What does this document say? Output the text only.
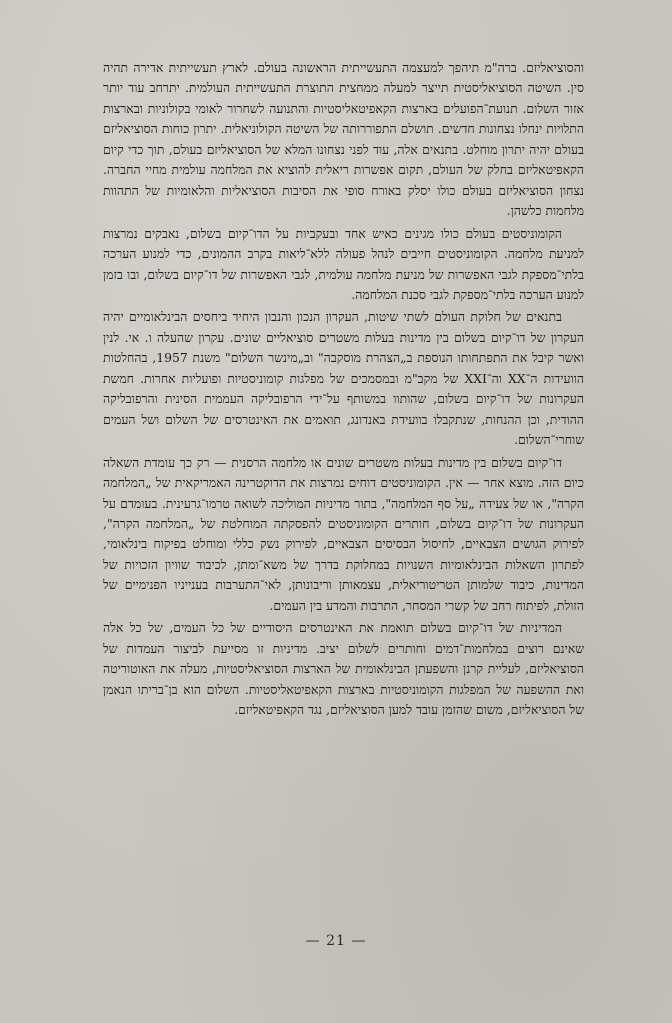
והסוציאליזם. ברה"מ תיהפך למעצמה התעשייתית הראשונה בעולם. לארץ תעשייתית אדירה תהיה סין. השיטה הסוציאליסטית תייצר למעלה ממחצית התוצרת התעשייתית העולמית. יתרחב עוד יותר אזור השלום. תנועת־הפועלים בארצות הקאפיטאליסטיות והתנועה לשחרור לאומי בקולוניות ובארצות התלויות ינחלו נצחונות חדשים. תושלם התפוררותה של השיטה הקולוניאלית. יתרון כוחות הסוציאליזם בעולם יהיה יתרון מוחלט. בתנאים אלה, עוד לפני נצחונו המלא של הסוציאליזם בעולם, תוך כדי קיום הקאפיטאליזם בחלק של העולם, תקום אפשרות ריאלית להוציא את המלחמה עולמית מחיי החברה. נצחון הסוציאליזם בעולם כולו יסלק באורח סופי את הסיבות הסוציאליות והלאומיות של התהוות מלחמות כלשהן.

הקומוניסטים בעולם כולו מגינים כאיש אחד ובעקביות על הדו־קיום בשלום, נאבקים נמרצות למניעת מלחמה. הקומוניסטים חייבים לנהל פעולה ללא־ליאות בקרב ההמונים, כדי למנוע הערכה בלתי־מספקת לגבי האפשרות של מניעת מלחמה עולמית, לגבי האפשרות של דו־קיום בשלום, ובו בזמן למנוע הערכה בלתי־מספקת לגבי סכנת המלחמה.

בתנאים של חלוקת העולם לשתי שיטות, העקרון הנכון והנבון היחיד ביחסים הבינלאומיים יהיה העקרון של דו־קיום בשלום בין מדינות בעלות משטרים סוציאליים שונים. עקרון שהעלה ו. אי. לנין ואשר קיבל את התפתחותו הנוספת ב„הצהרת מוסקבה" וב„מינשר השלום" משנת 1957, בהחלטות הוועידות ה־XX וה־XXI של מקב"מ ובמסמכים של מפלגות קומוניסטיות ופועליות אחרות. חמשת העקרונות של דו־קיום בשלום, שהותוו במשותף על־ידי הרפובליקה העממית הסינית והרפובליקה ההודית, וכן ההנחות, שנתקבלו בוועידת באנדונג, תואמים את האינטרסים של השלום ושל העמים שוחרי־השלום.

דו־קיום בשלום בין מדינות בעלות משטרים שונים או מלחמה הרסנית — רק כך עומדת השאלה כיום הזה. מוצא אחר — אין. הקומוניסטים דוחים נמרצות את הדוקטרינה האמריקאית של „המלחמה הקרה", או של צעידה „על סף המלחמה", בתור מדיניות המוליכה לשואה טרמו־גרעינית. בעומדם על העקרונות של דו־קיום בשלום, חותרים הקומוניסטים להפסקתה המוחלטת של „המלחמה הקרה", לפירוק הגושים הצבאיים, לחיסול הבסיסים הצבאיים, לפירוק נשק כללי ומוחלט בפיקוח בינלאומי, לפתרון השאלות הבינלאומיות השנויות במחלוקת בדרך של משא־ומתן, לכיבוד שוויון הזכויות של המדינות, כיבוד שלמותן הטריטוריאלית, עצמאותן וריבונותן, לאי־התערבות בענייניו הפנימיים של הזולת, לפיתוח רחב של קשרי המסחר, התרבות והמדע בין העמים.

המדיניות של דו־קיום בשלום תואמת את האינטרסים היסודיים של כל העמים, של כל אלה שאינם רוצים במלחמות־דמים וחותרים לשלום יציב. מדיניות זו מסייעת לביצור העמדות של הסוציאליזם, לעליית קרנן והשפעתן הבינלאומית של הארצות הסוציאליסטיות, מעלה את האוטוריטה ואת ההשפעה של המפלגות הקומוניסטיות בארצות הקאפיטאליסטיות. השלום הוא בן־בריתו הנאמן של הסוציאליזם, משום שהזמן עובד למען הסוציאליזם, נגד הקאפיטאליזם.

— 21 —
